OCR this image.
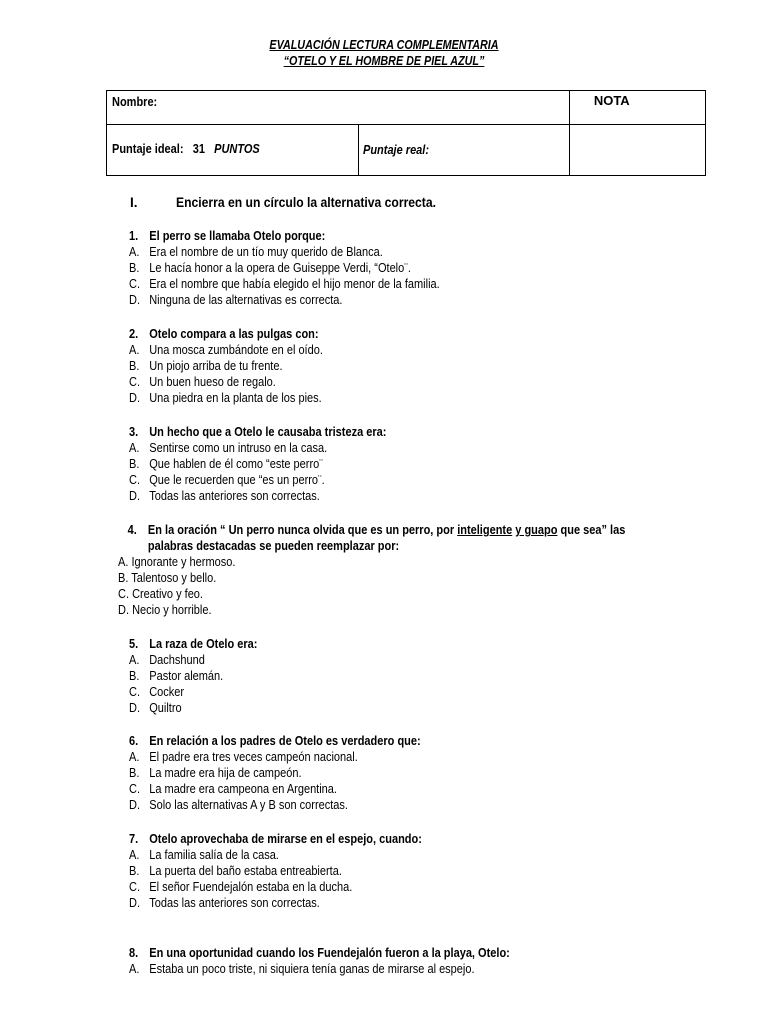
EVALUACIÓN LECTURA COMPLEMENTARIA
“OTELO Y EL HOMBRE DE PIEL AZUL”
Nombre:		NOTA
Puntaje ideal: 31 PUNTOS	Puntaje real:	
I.	Encierra en un círculo la alternativa correcta.
1. El perro se llamaba Otelo porque:
A. Era el nombre de un tío muy querido de Blanca.
B. Le hacía honor a la opera de Guiseppe Verdi, “Otelo¨.
C. Era el nombre que había elegido el hijo menor de la familia.
D. Ninguna de las alternativas es correcta.
2. Otelo compara a las pulgas con:
A. Una mosca zumbándote en el oído.
B. Un piojo arriba de tu frente.
C. Un buen hueso de regalo.
D. Una piedra en la planta de los pies.
3. Un hecho que a Otelo le causaba tristeza era:
A. Sentirse como un intruso en la casa.
B. Que hablen de él como “este perro¨
C. Que le recuerden que “es un perro¨.
D. Todas las anteriores son correctas.
4. En la oración “ Un perro nunca olvida que es un perro, por inteligente y guapo que sea” las
palabras destacadas se pueden reemplazar por:
A. Ignorante y hermoso.
B. Talentoso y bello.
C. Creativo y feo.
D. Necio y horrible.
5. La raza de Otelo era:
A. Dachshund
B. Pastor alemán.
C. Cocker
D. Quiltro
6. En relación a los padres de Otelo es verdadero que:
A. El padre era tres veces campeón nacional.
B. La madre era hija de campeón.
C. La madre era campeona en Argentina.
D. Solo las alternativas A y B son correctas.
7. Otelo aprovechaba de mirarse en el espejo, cuando:
A. La familia salía de la casa.
B. La puerta del baño estaba entreabierta.
C. El señor Fuendejalón estaba en la ducha.
D. Todas las anteriores son correctas.
8. En una oportunidad cuando los Fuendejalón fueron a la playa, Otelo:
A. Estaba un poco triste, ni siquiera tenía ganas de mirarse al espejo.
